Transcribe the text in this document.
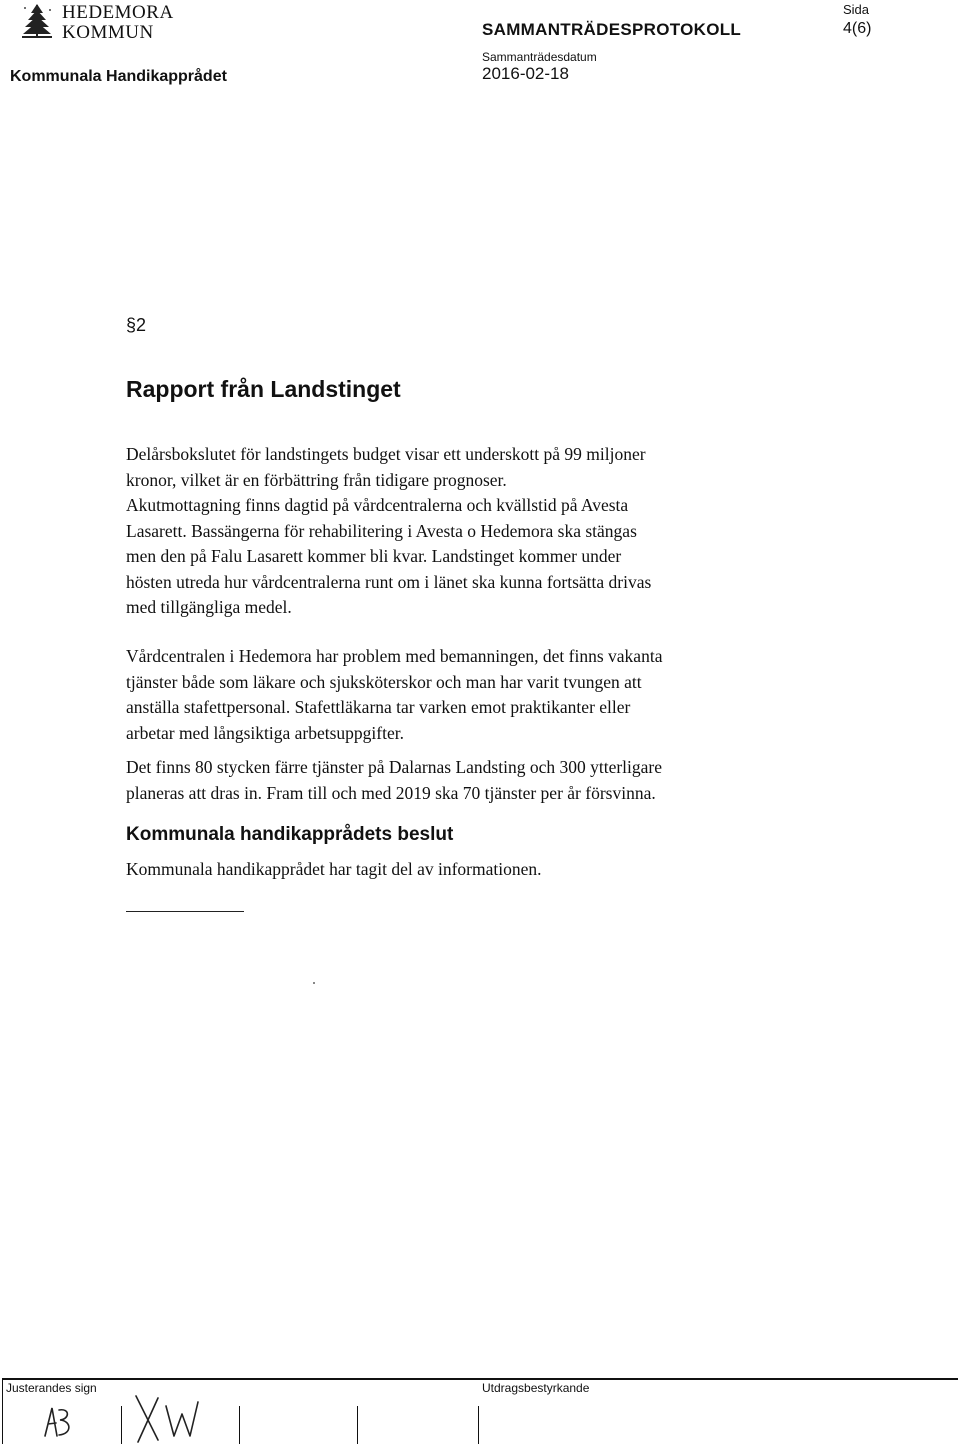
HEDEMORA
KOMMUN	SAMMANTRÄDESPROTOKOLL
Sida
4(6)
Sammanträdesdatum
2016-02-18
Kommunala Handikapprådet
§2
Rapport från Landstinget
Delårsbokslutet för landstingets budget visar ett underskott på 99 miljoner
kronor, vilket är en förbättring från tidigare prognoser.
Akutmottagning finns dagtid på vårdcentralerna och kvällstid på Avesta
Lasarett. Bassängerna för rehabilitering i Avesta o Hedemora ska stängas
men den på Falu Lasarett kommer bli kvar. Landstinget kommer under
hösten utreda hur vårdcentralerna runt om i länet ska kunna fortsätta drivas
med tillgängliga medel.
Vårdcentralen i Hedemora har problem med bemanningen, det finns vakanta
tjänster både som läkare och sjuksköterskor och man har varit tvungen att
anställa stafettpersonal. Stafettläkarna tar varken emot praktikanter eller
arbetar med långsiktiga arbetsuppgifter.
Det finns 80 stycken färre tjänster på Dalarnas Landsting och 300 ytterligare
planeras att dras in. Fram till och med 2019 ska 70 tjänster per år försvinna.
Kommunala handikapprådets beslut

Kommunala handikapprådet har tagit del av informationen.

Justerandes sign	Utdragsbestyrkande
